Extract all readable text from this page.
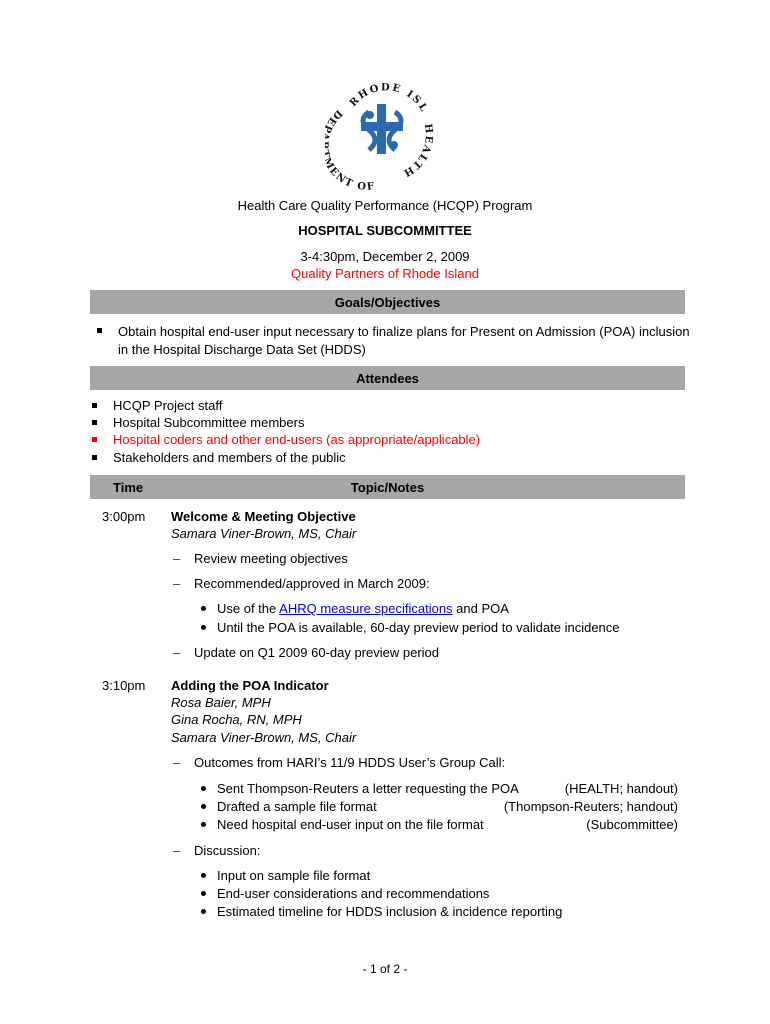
RHODE ISL
DE ENT OF
HEALTH
Health Care Quality Performance (HCQP) Program
HOSPITAL SUBCOMMITTEE
3-4:30pm, December 2, 2009
Quality Partners of Rhode Island
Goals/Objectives
Obtain hospital end-user input necessary to finalize plans for Present on Admission (POA) inclusion
in the Hospital Discharge Data Set (HDDS)
Attendees
HCQP Project staff
Hospital Subcommittee members
Hospital coders and other end-users (as appropriate/applicable)
Stakeholders and members of the public
Time	Topic/Notes
3:00pm Welcome & Meeting Objective
Samara Viner-Brown, MS, Chair
– Review meeting objectives
– Recommended/approved in March 2009:
Use of the AHRQ measure specifications and POA
Until the POA is available, 60-day preview period to validate incidence
– Update on Q1 2009 60-day preview period
3:10pm Adding the POA Indicator
Rosa Baier, MPH
Gina Rocha, RN, MPH
Samara Viner-Brown, MS, Chair
– Outcomes from HARI’s 11/9 HDDS User’s Group Call:
Sent Thompson-Reuters a letter requesting the POA	(HEALTH; handout)
Drafted a sample file format	(Thompson-Reuters; handout)
Need hospital end-user input on the file format	(Subcommittee)
– Discussion:
Input on sample file format
End-user considerations and recommendations
Estimated timeline for HDDS inclusion & incidence reporting
- 1 of 2 -
